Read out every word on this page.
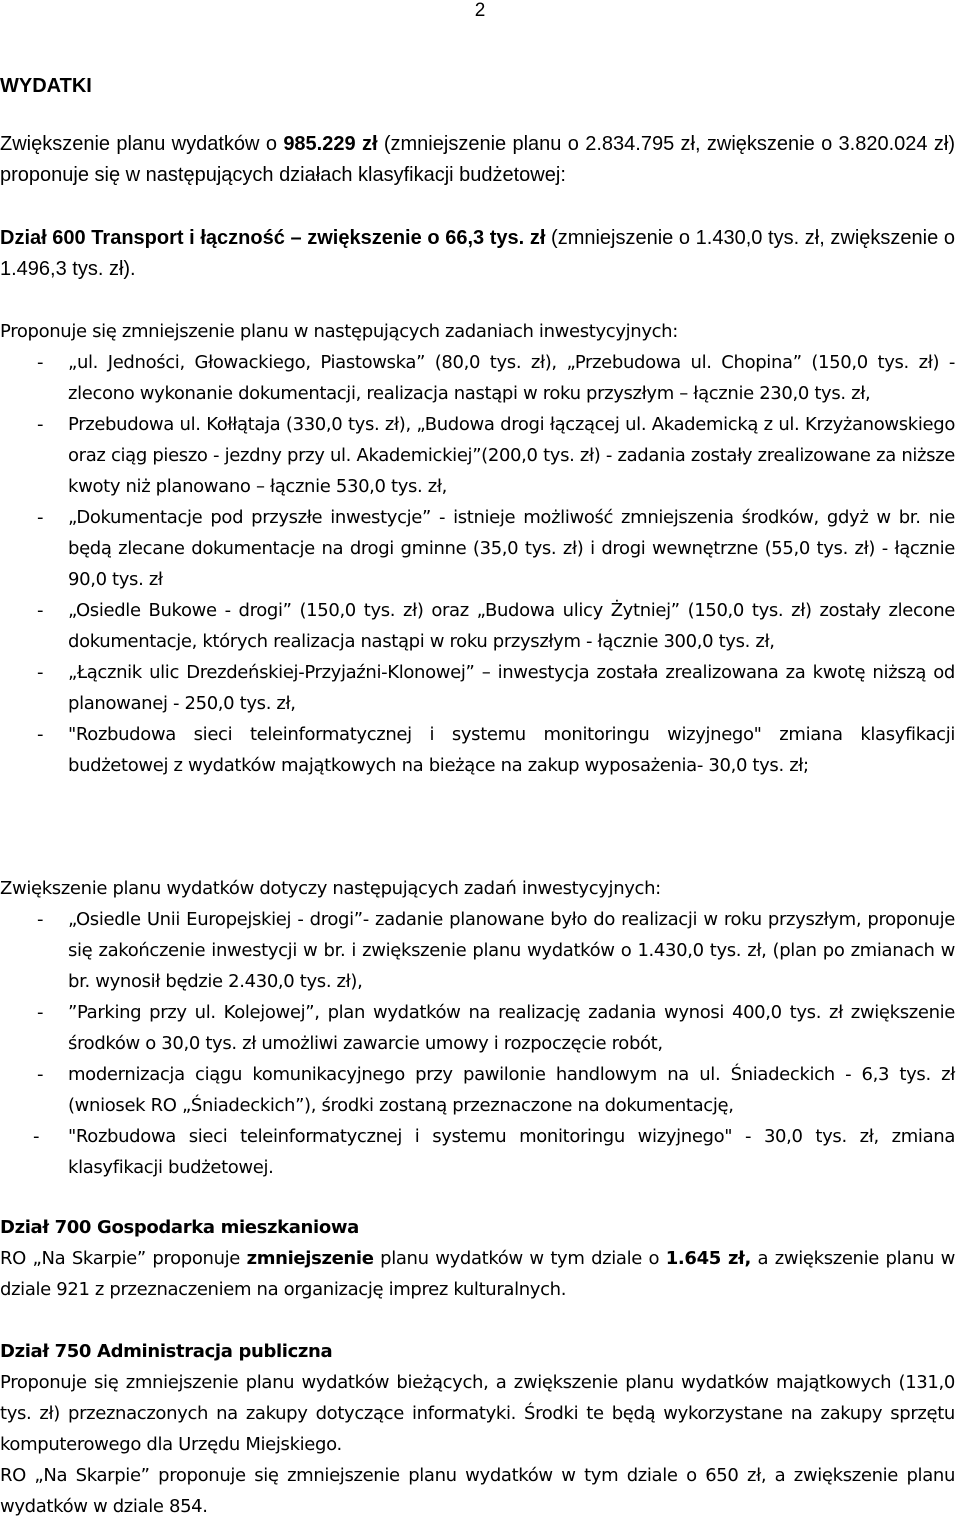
2
WYDATKI
Zwiększenie planu wydatków o 985.229 zł (zmniejszenie planu o 2.834.795 zł, zwiększenie o 3.820.024 zł) proponuje się w następujących działach klasyfikacji budżetowej:
Dział 600 Transport i łączność – zwiększenie o 66,3 tys. zł (zmniejszenie o 1.430,0 tys. zł, zwiększenie o 1.496,3 tys. zł).
Proponuje się zmniejszenie planu w następujących zadaniach inwestycyjnych:
- „ul. Jedności, Głowackiego, Piastowska” (80,0 tys. zł), „Przebudowa ul. Chopina” (150,0 tys. zł) - zlecono wykonanie dokumentacji, realizacja nastąpi w roku przyszłym – łącznie 230,0 tys. zł,
- Przebudowa ul. Kołłątaja (330,0 tys. zł), „Budowa drogi łączącej ul. Akademicką z ul. Krzyżanowskiego oraz ciąg pieszo - jezdny przy ul. Akademickiej”(200,0 tys. zł) - zadania zostały zrealizowane za niższe kwoty niż planowano – łącznie 530,0 tys. zł,
- „Dokumentacje pod przyszłe inwestycje” - istnieje możliwość zmniejszenia środków, gdyż w br. nie będą zlecane dokumentacje na drogi gminne (35,0 tys. zł) i drogi wewnętrzne (55,0 tys. zł) - łącznie 90,0 tys. zł
- „Osiedle Bukowe - drogi” (150,0 tys. zł) oraz „Budowa ulicy Żytniej” (150,0 tys. zł) zostały zlecone dokumentacje, których realizacja nastąpi w roku przyszłym - łącznie 300,0 tys. zł,
- „Łącznik ulic Drezdeńskiej-Przyjaźni-Klonowej” – inwestycja została zrealizowana za kwotę niższą od planowanej - 250,0 tys. zł,
- "Rozbudowa sieci teleinformatycznej i systemu monitoringu wizyjnego" zmiana klasyfikacji budżetowej z wydatków majątkowych na bieżące na zakup wyposażenia- 30,0 tys. zł;
Zwiększenie planu wydatków dotyczy następujących zadań inwestycyjnych:
- „Osiedle Unii Europejskiej - drogi”- zadanie planowane było do realizacji w roku przyszłym, proponuje się zakończenie inwestycji w br. i zwiększenie planu wydatków o 1.430,0 tys. zł, (plan po zmianach w br. wynosił będzie 2.430,0 tys. zł),
- ”Parking przy ul. Kolejowej”, plan wydatków na realizację zadania wynosi 400,0 tys. zł zwiększenie środków o 30,0 tys. zł umożliwi zawarcie umowy i rozpoczęcie robót,
- modernizacja ciągu komunikacyjnego przy pawilonie handlowym na ul. Śniadeckich - 6,3 tys. zł (wniosek RO „Śniadeckich”), środki zostaną przeznaczone na dokumentację,
- "Rozbudowa sieci teleinformatycznej i systemu monitoringu wizyjnego" - 30,0 tys. zł, zmiana klasyfikacji budżetowej.
Dział 700 Gospodarka mieszkaniowa
RO „Na Skarpie” proponuje zmniejszenie planu wydatków w tym dziale o 1.645 zł, a zwiększenie planu w dziale 921 z przeznaczeniem na organizację imprez kulturalnych.
Dział 750 Administracja publiczna
Proponuje się zmniejszenie planu wydatków bieżących, a zwiększenie planu wydatków majątkowych (131,0 tys. zł) przeznaczonych na zakupy dotyczące informatyki. Środki te będą wykorzystane na zakupy sprzętu komputerowego dla Urzędu Miejskiego.
RO „Na Skarpie” proponuje się zmniejszenie planu wydatków w tym dziale o 650 zł, a zwiększenie planu wydatków w dziale 854.
